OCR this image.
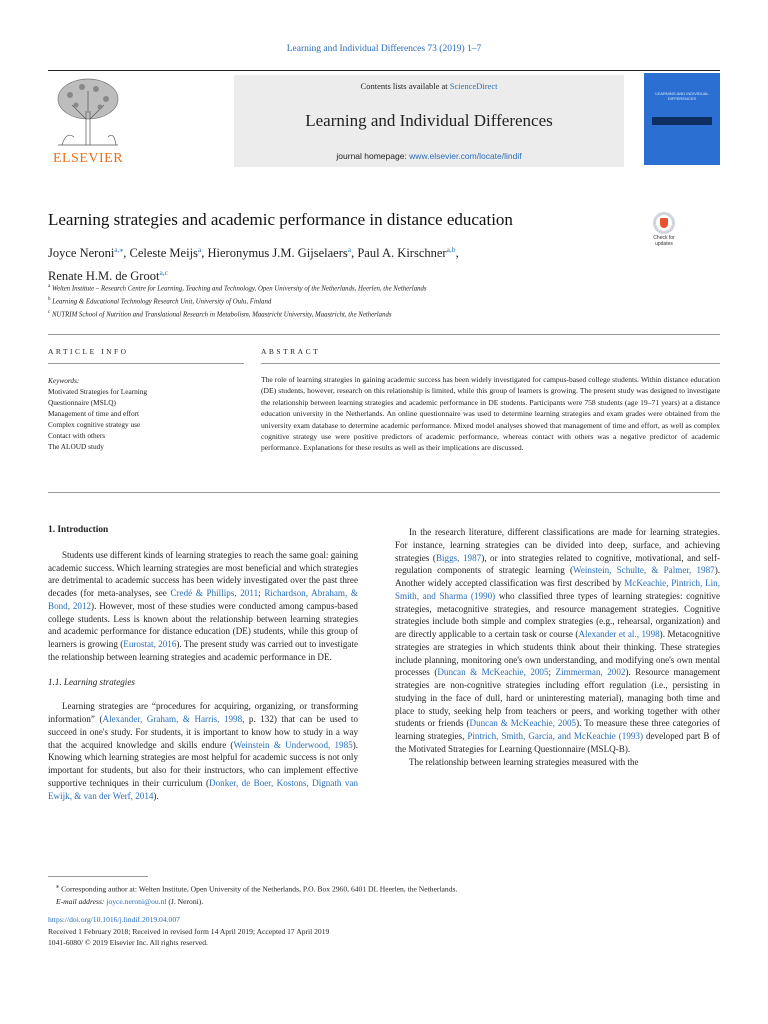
Learning and Individual Differences 73 (2019) 1–7
ELSEVIER
Contents lists available at ScienceDirect
Learning and Individual Differences
journal homepage: www.elsevier.com/locate/lindif
LEARNING AND INDIVIDUAL DIFFERENCES
Learning strategies and academic performance in distance education
Check for updates
Joyce Neroni$^{a,⁎}$, Celeste Meijs$^a$, Hieronymus J.M. Gijselaers$^a$, Paul A. Kirschner$^{a,b}$,
Renate H.M. de Groot$^{a,c}$
$^a$ Welten Institute – Research Centre for Learning, Teaching and Technology, Open University of the Netherlands, Heerlen, the Netherlands
$^b$ Learning & Educational Technology Research Unit, University of Oulu, Finland
$^c$ NUTRIM School of Nutrition and Translational Research in Metabolism, Maastricht University, Maastricht, the Netherlands
ARTICLE INFO	ABSTRACT
Keywords:
Motivated Strategies for Learning
Questionnaire (MSLQ)
Management of time and effort
Complex cognitive strategy use
Contact with others
The ALOUD study
The role of learning strategies in gaining academic success has been widely investigated for campus-based college students. Within distance education (DE) students, however, research on this relationship is limited, while this group of learners is growing. The present study was designed to investigate the relationship between learning strategies and academic performance in DE students. Participants were 758 students (age 19–71 years) at a distance education university in the Netherlands. An online questionnaire was used to determine learning strategies and exam grades were obtained from the university exam database to determine academic performance. Mixed model analyses showed that management of time and effort, as well as complex cognitive strategy use were positive predictors of academic performance, whereas contact with others was a negative predictor of academic performance. Explanations for these results as well as their implications are discussed.

1. Introduction

Students use different kinds of learning strategies to reach the same goal: gaining academic success. Which learning strategies are most beneficial and which strategies are detrimental to academic success has been widely investigated over the past three decades (for meta-analyses, see Credé & Phillips, 2011; Richardson, Abraham, & Bond, 2012). However, most of these studies were conducted among campus-based college students. Less is known about the relationship between learning strategies and academic performance for distance education (DE) students, while this group of learners is growing (Eurostat, 2016). The present study was carried out to investigate the relationship between learning strategies and academic performance in DE.

1.1. Learning strategies

Learning strategies are “procedures for acquiring, organizing, or transforming information” (Alexander, Graham, & Harris, 1998, p. 132) that can be used to succeed in one's study. For students, it is important to know how to study in a way that the acquired knowledge and skills endure (Weinstein & Underwood, 1985). Knowing which learning strategies are most helpful for academic success is not only important for students, but also for their instructors, who can implement effective supportive techniques in their curriculum (Donker, de Boer, Kostons, Dignath van Ewijk, & van der Werf, 2014).

In the research literature, different classifications are made for learning strategies. For instance, learning strategies can be divided into deep, surface, and achieving strategies (Biggs, 1987), or into strategies related to cognitive, motivational, and self-regulation components of strategic learning (Weinstein, Schulte, & Palmer, 1987). Another widely accepted classification was first described by McKeachie, Pintrich, Lin, Smith, and Sharma (1990) who classified three types of learning strategies: cognitive strategies, metacognitive strategies, and resource management strategies. Cognitive strategies include both simple and complex strategies (e.g., rehearsal, organization) and are directly applicable to a certain task or course (Alexander et al., 1998). Metacognitive strategies are strategies in which students think about their thinking. These strategies include planning, monitoring one's own understanding, and modifying one's own mental processes (Duncan & McKeachie, 2005; Zimmerman, 2002). Resource management strategies are non-cognitive strategies including effort regulation (i.e., persisting in studying in the face of dull, hard or uninteresting material), managing both time and place to study, seeking help from teachers or peers, and working together with other students or friends (Duncan & McKeachie, 2005). To measure these three categories of learning strategies, Pintrich, Smith, Garcia, and McKeachie (1993) developed part B of the Motivated Strategies for Learning Questionnaire (MSLQ-B).

The relationship between learning strategies measured with the

⁎ Corresponding author at: Welten Institute, Open University of the Netherlands, P.O. Box 2960, 6401 DL Heerlen, the Netherlands.
E-mail address: joyce.neroni@ou.nl (J. Neroni).
https://doi.org/10.1016/j.lindif.2019.04.007
Received 1 February 2018; Received in revised form 14 April 2019; Accepted 17 April 2019
1041-6080/ © 2019 Elsevier Inc. All rights reserved.
